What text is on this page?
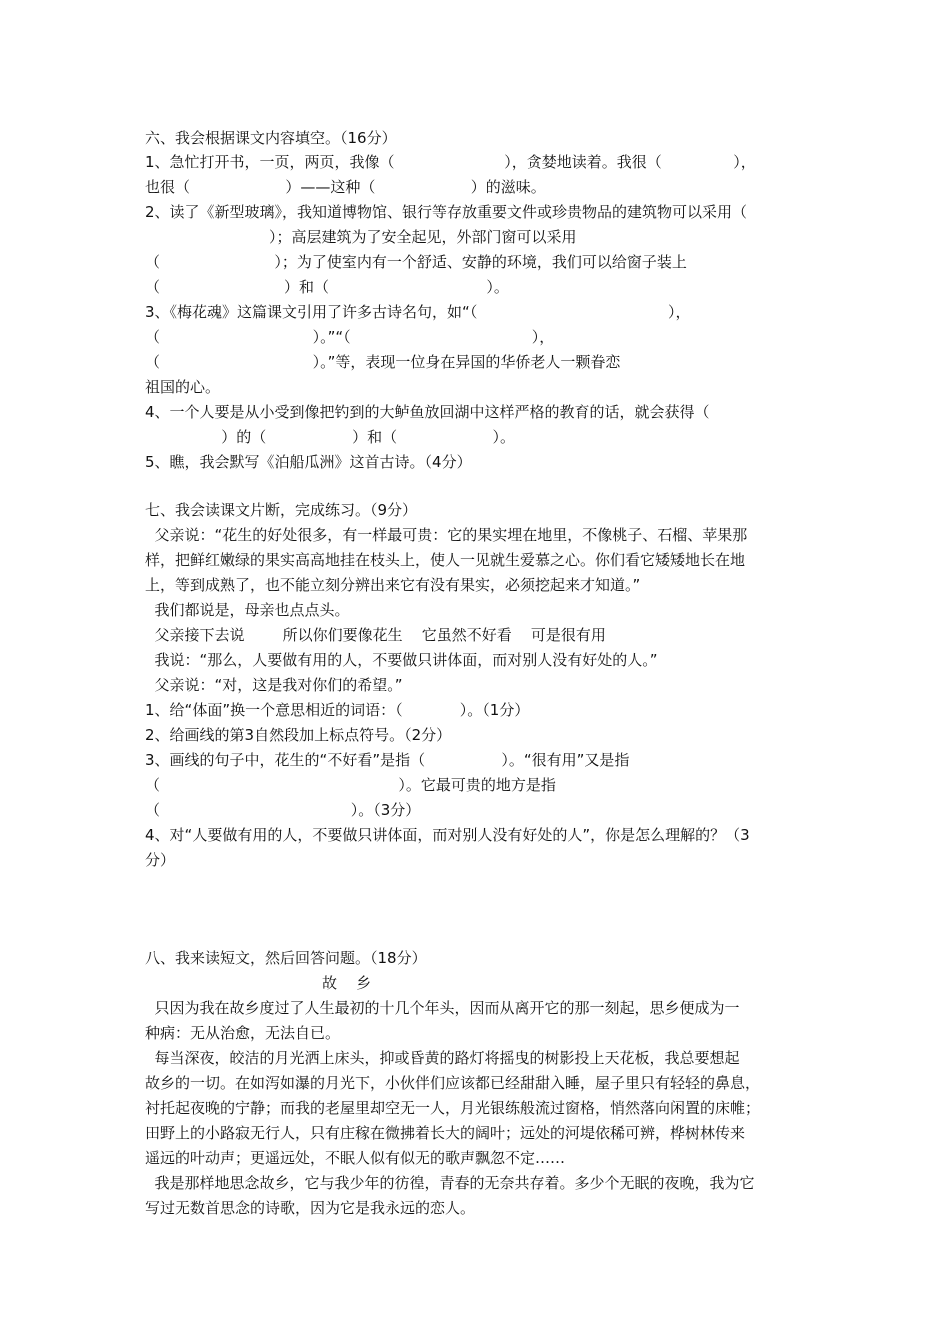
六、我会根据课文内容填空。（16分）
1、急忙打开书，一页，两页，我像（                       ），贪婪地读着。我很（               ），
也很（                    ）——这种（                    ）的滋味。
2、读了《新型玻璃》，我知道博物馆、银行等存放重要文件或珍贵物品的建筑物可以采用（
）；高层建筑为了安全起见，外部门窗可以采用
（                        ）；为了使室内有一个舒适、安静的环境，我们可以给窗子装上
（                          ）和（                                 ）。
3、《梅花魂》这篇课文引用了许多古诗名句，如“（                                        ），
（                                ）。”“（                                      ），
（                                ）。”等，表现一位身在异国的华侨老人一颗眷恋
祖国的心。
4、一个人要是从小受到像把钓到的大鲈鱼放回湖中这样严格的教育的话，就会获得（
）的（                  ）和（                    ）。
5、瞧，我会默写《泊船瓜洲》这首古诗。（4分）
七、我会读课文片断，完成练习。（9分）
父亲说：“花生的好处很多，有一样最可贵：它的果实埋在地里，不像桃子、石榴、苹果那
样，把鲜红嫩绿的果实高高地挂在枝头上，使人一见就生爱慕之心。你们看它矮矮地长在地
上，等到成熟了，也不能立刻分辨出来它有没有果实，必须挖起来才知道。”
我们都说是，母亲也点点头。
父亲接下去说        所以你们要像花生    它虽然不好看    可是很有用
我说：“那么，人要做有用的人，不要做只讲体面，而对别人没有好处的人。”
父亲说：“对，这是我对你们的希望。”
1、给“体面”换一个意思相近的词语：（            ）。（1分）
2、给画线的第3自然段加上标点符号。（2分）
3、画线的句子中，花生的“不好看”是指（                ）。“很有用”又是指
（                                                  ）。它最可贵的地方是指
（                                        ）。（3分）
4、对“人要做有用的人，不要做只讲体面，而对别人没有好处的人”，你是怎么理解的？（3
分）
八、我来读短文，然后回答问题。（18分）
故    乡
只因为我在故乡度过了人生最初的十几个年头，因而从离开它的那一刻起，思乡便成为一
种病：无从治愈，无法自已。
每当深夜，皎洁的月光洒上床头，抑或昏黄的路灯将摇曳的树影投上天花板，我总要想起
故乡的一切。在如泻如瀑的月光下，小伙伴们应该都已经甜甜入睡，屋子里只有轻轻的鼻息，
衬托起夜晚的宁静；而我的老屋里却空无一人，月光银练般流过窗格，悄然落向闲置的床帷；
田野上的小路寂无行人，只有庄稼在微拂着长大的阔叶；远处的河堤依稀可辨，桦树林传来
遥远的叶动声；更遥远处，不眠人似有似无的歌声飘忽不定……
我是那样地思念故乡，它与我少年的彷徨，青春的无奈共存着。多少个无眠的夜晚，我为它
写过无数首思念的诗歌，因为它是我永远的恋人。
